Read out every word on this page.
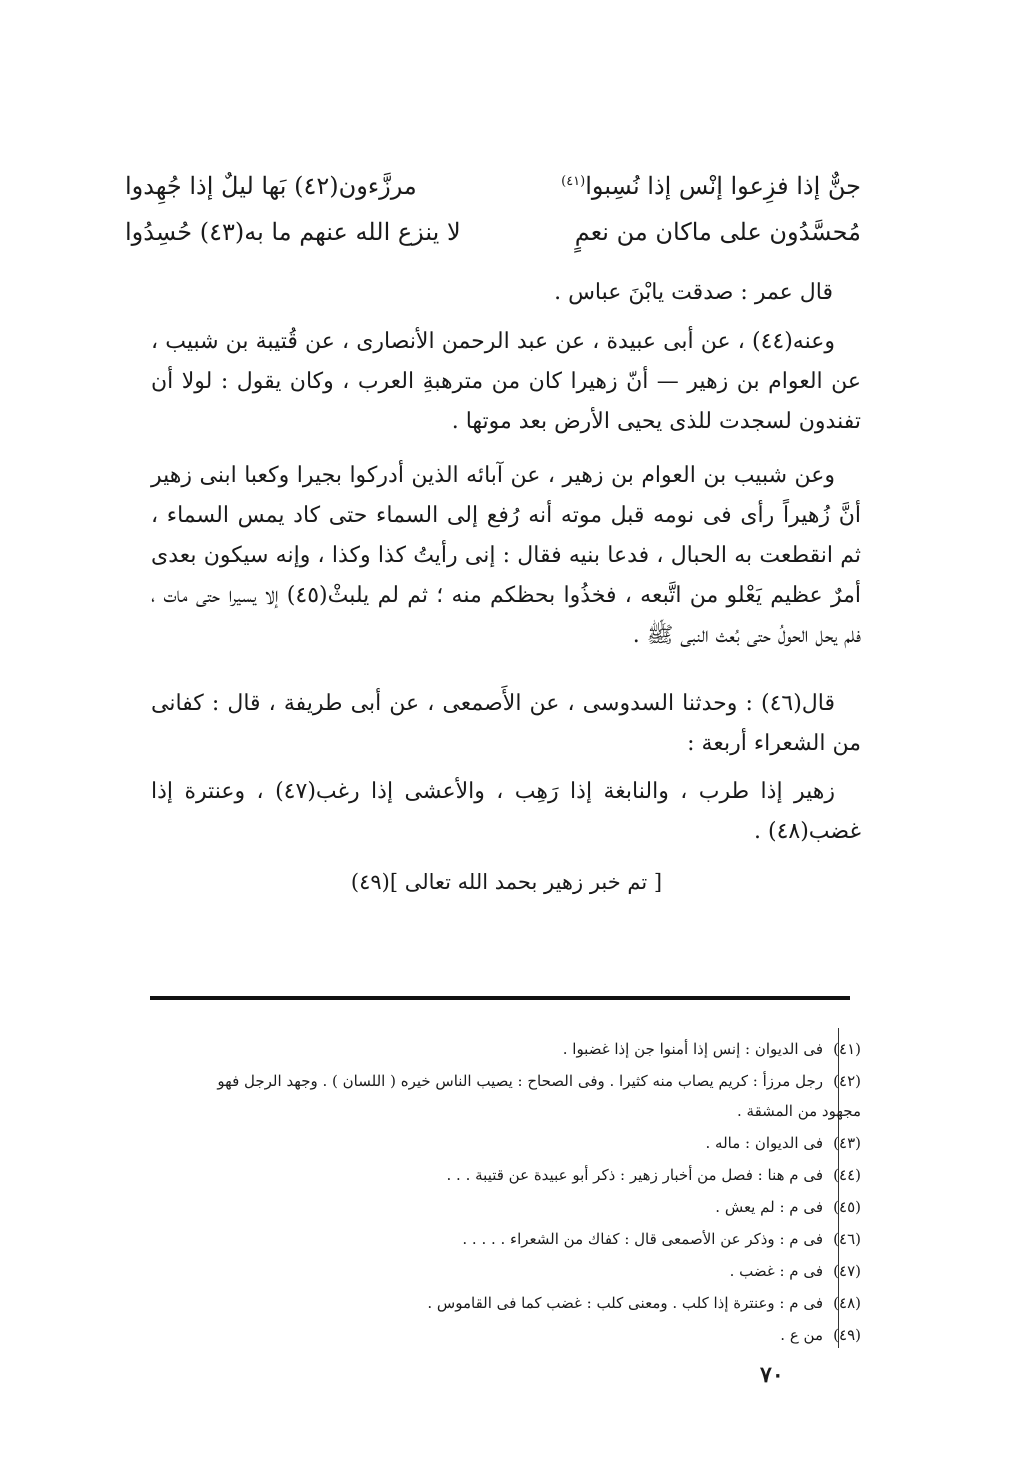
جنٌّ إذا فزِعوا إنْس إذا نُسِبوا$^{(٤١)}$
مرزَّءون(٤٢) بَها ليلٌ إذا جُهِدوا
مُحسَّدُون على ماكان من نعمٍ
لا ينزع الله عنهم ما به(٤٣) حُسِدُوا
قال عمر : صدقت يابْنَ عباس .
وعنه(٤٤) ، عن أبى عبيدة ، عن عبد الرحمن الأنصارى ، عن قُتيبة بن شبيب ، عن العوام بن زهير — أنّ زهيرا كان من مترهبةِ العرب ، وكان يقول : لولا أن تفندون لسجدت للذى يحيى الأرض بعد موتها .
وعن شبيب بن العوام بن زهير ، عن آبائه الذين أدركوا بجيرا وكعبا ابنى زهير أنَّ زُهيراً رأى فى نومه قبل موته أنه رُفع إلى السماء حتى كاد يمس السماء ، ثم انقطعت به الحبال ، فدعا بنيه فقال : إنى رأيتُ كذا وكذا ، وإنه سيكون بعدى أمرٌ عظيم يَعْلو من اتَّبعه ، فخذُوا بحظكم منه ؛ ثم لم يلبثْ(٤٥) إلا يسيرا حتى مات ، فلم يحل الحولُ حتى بُعث النبى ﷺ .
قال(٤٦) : وحدثنا السدوسى ، عن الأَصمعى ، عن أبى طريفة ، قال : كفانى من الشعراء أربعة :
زهير إذا طرب ، والنابغة إذا رَهِب ، والأعشى إذا رغب(٤٧) ، وعنترة إذا غضب(٤٨) .
[ تم خبر زهير بحمد الله تعالى ](٤٩)
(٤١)فى الديوان : إنس إذا أمنوا جن إذا غضبوا .
(٤٢)رجل مرزأ : كريم يصاب منه كثيرا . وفى الصحاح : يصيب الناس خيره ( اللسان ) . وجهد الرجل فهو
مجهود من المشقة .
(٤٣)فى الديوان : ماله .
(٤٤)فى م هنا : فصل من أخبار زهير : ذكر أبو عبيدة عن قتيبة . . .
(٤٥)فى م : لم يعش .
(٤٦)فى م : وذكر عن الأصمعى قال : كفاك من الشعراء . . . . .
(٤٧)فى م : غضب .
(٤٨)فى م : وعنترة إذا كلب . ومعنى كلب : غضب كما فى القاموس .
(٤٩)من ع .
٧٠
